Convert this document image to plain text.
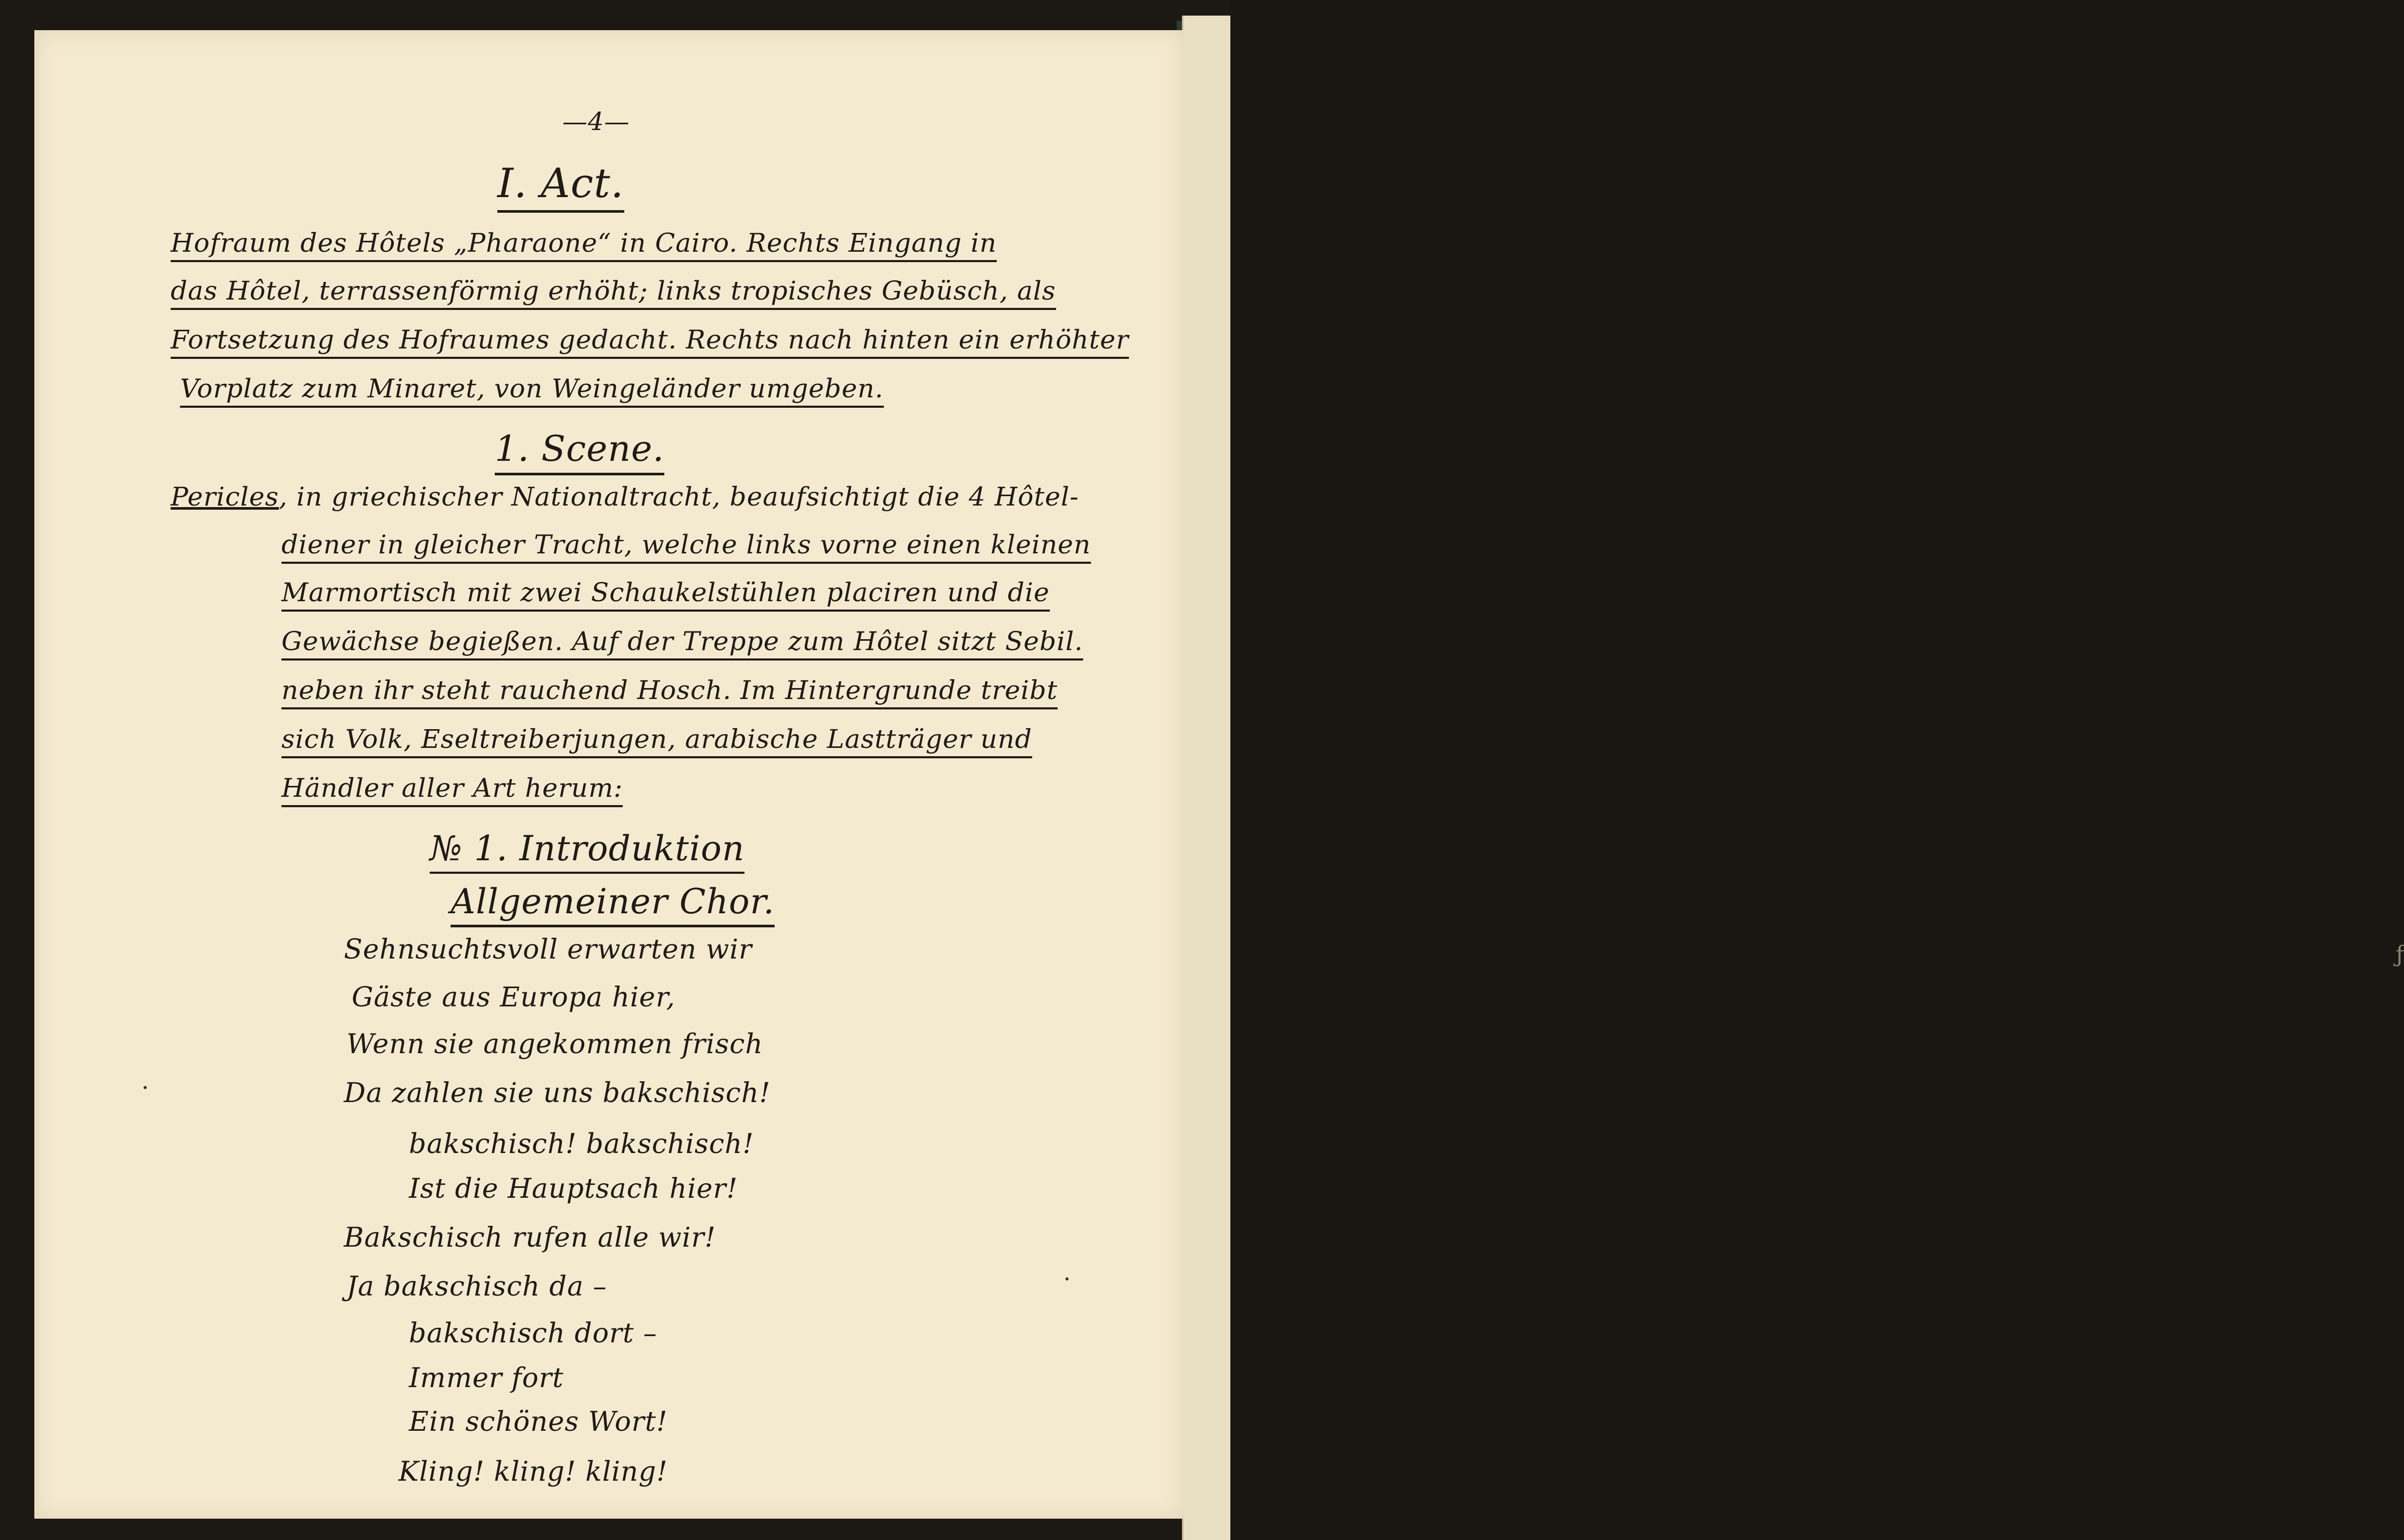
ƒ
—4—
I. Act.
Hofraum des Hôtels „Pharaone“ in Cairo. Rechts Eingang in
das Hôtel, terrassenförmig erhöht; links tropisches Gebüsch, als
Fortsetzung des Hofraumes gedacht. Rechts nach hinten ein erhöhter
Vorplatz zum Minaret, von Weingeländer umgeben.
1. Scene.
Pericles, in griechischer Nationaltracht, beaufsichtigt die 4 Hôtel-
diener in gleicher Tracht, welche links vorne einen kleinen
Marmortisch mit zwei Schaukelstühlen placiren und die
Gewächse begießen. Auf der Treppe zum Hôtel sitzt Sebil.
neben ihr steht rauchend Hosch. Im Hintergrunde treibt
sich Volk, Eseltreiberjungen, arabische Lastträger und
Händler aller Art herum:
№ 1. Introduktion
Allgemeiner Chor.
Sehnsuchtsvoll erwarten wir
Gäste aus Europa hier,
Wenn sie angekommen frisch
Da zahlen sie uns bakschisch!
bakschisch! bakschisch!
Ist die Hauptsach hier!
Bakschisch rufen alle wir!
Ja bakschisch da –
bakschisch dort –
Immer fort
Ein schönes Wort!
Kling! kling! kling!
